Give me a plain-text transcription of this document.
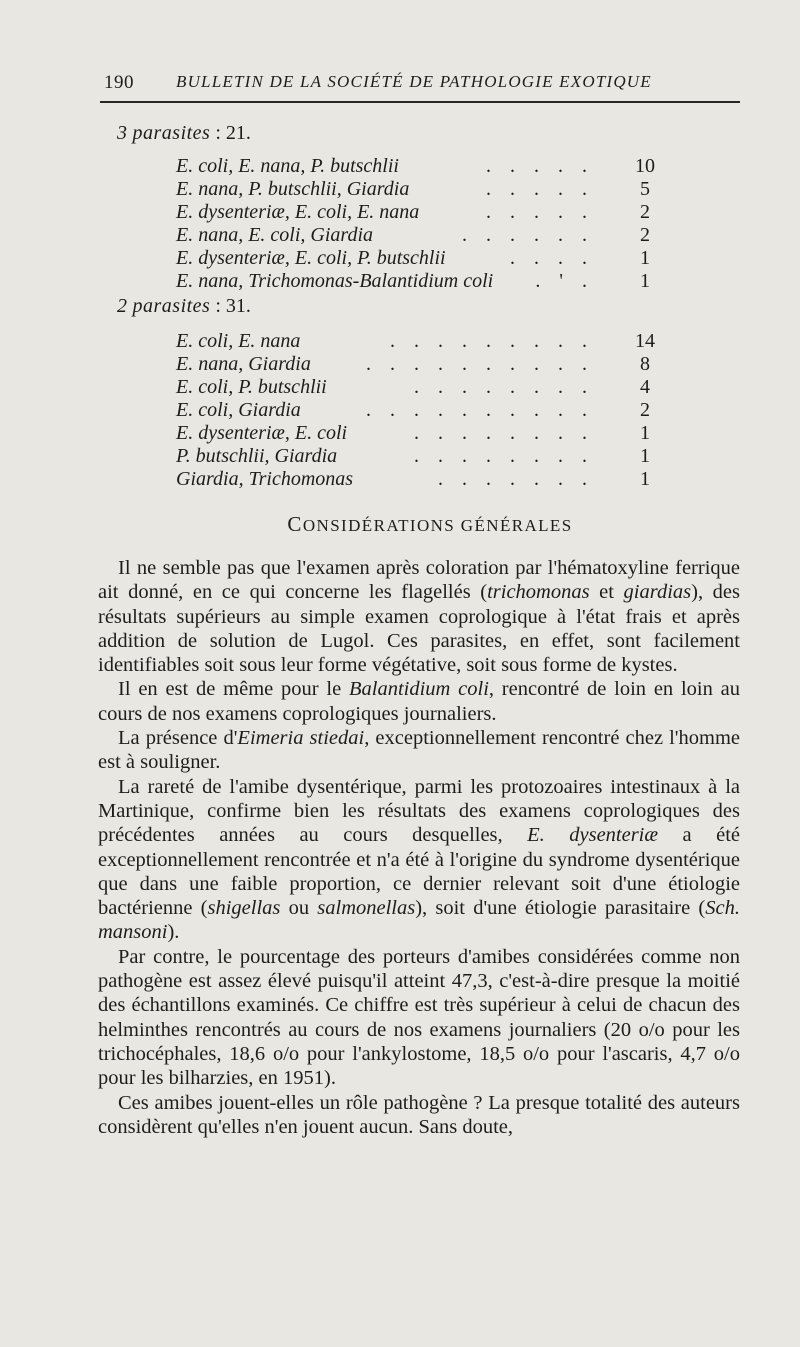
190 BULLETIN DE LA SOCIÉTÉ DE PATHOLOGIE EXOTIQUE
3 parasites : 21.
E. coli, E. nana, P. butschlii	. . . . . 10
E. nana, P. butschlii, Giardia	. . . . .	5
E. dysenteriæ, E. coli, E. nana	. . . . .	2
E. nana, E. coli, Giardia	. . . . . .	2
E. dysenteriæ, E. coli, P. butschlii	. . . .	1
E. nana, Trichomonas-Balantidium coli . ' .	1
2 parasites : 31.
E. coli, E. nana	. . . . . . . . . 14
E. nana, Giardia	. . . . . . . . . .	8
E. coli, P. butschlii	. . . . . . . .	4
E. coli, Giardia	. . . . . . . . . .	2
E. dysenteriæ, E. coli	. . . . . . . .	1
P. butschlii, Giardia	. . . . . . . .	1
Giardia, Trichomonas	. . . . . . .	1
CONSIDÉRATIONS GÉNÉRALES

Il ne semble pas que l'examen après coloration par l'hématoxyline ferrique ait donné, en ce qui concerne les flagellés (trichomonas et giardias), des résultats supérieurs au simple examen coprologique à l'état frais et après addition de solution de Lugol. Ces parasites, en effet, sont facilement identifiables soit sous leur forme végétative, soit sous forme de kystes.

Il en est de même pour le Balantidium coli, rencontré de loin en loin au cours de nos examens coprologiques journaliers.

La présence d'Eimeria stiedai, exceptionnellement rencontré chez l'homme est à souligner.

La rareté de l'amibe dysentérique, parmi les protozoaires intestinaux à la Martinique, confirme bien les résultats des examens coprologiques des précédentes années au cours desquelles, E. dysenteriæ a été exceptionnellement rencontrée et n'a été à l'origine du syndrome dysentérique que dans une faible proportion, ce dernier relevant soit d'une étiologie bactérienne (shigellas ou salmonellas), soit d'une étiologie parasitaire (Sch. mansoni).

Par contre, le pourcentage des porteurs d'amibes considérées comme non pathogène est assez élevé puisqu'il atteint 47,3, c'est-à-dire presque la moitié des échantillons examinés. Ce chiffre est très supérieur à celui de chacun des helminthes rencontrés au cours de nos examens journaliers (20 o/o pour les trichocéphales, 18,6 o/o pour l'ankylostome, 18,5 o/o pour l'ascaris, 4,7 o/o pour les bilharzies, en 1951).

Ces amibes jouent-elles un rôle pathogène ? La presque totalité des auteurs considèrent qu'elles n'en jouent aucun. Sans doute,
